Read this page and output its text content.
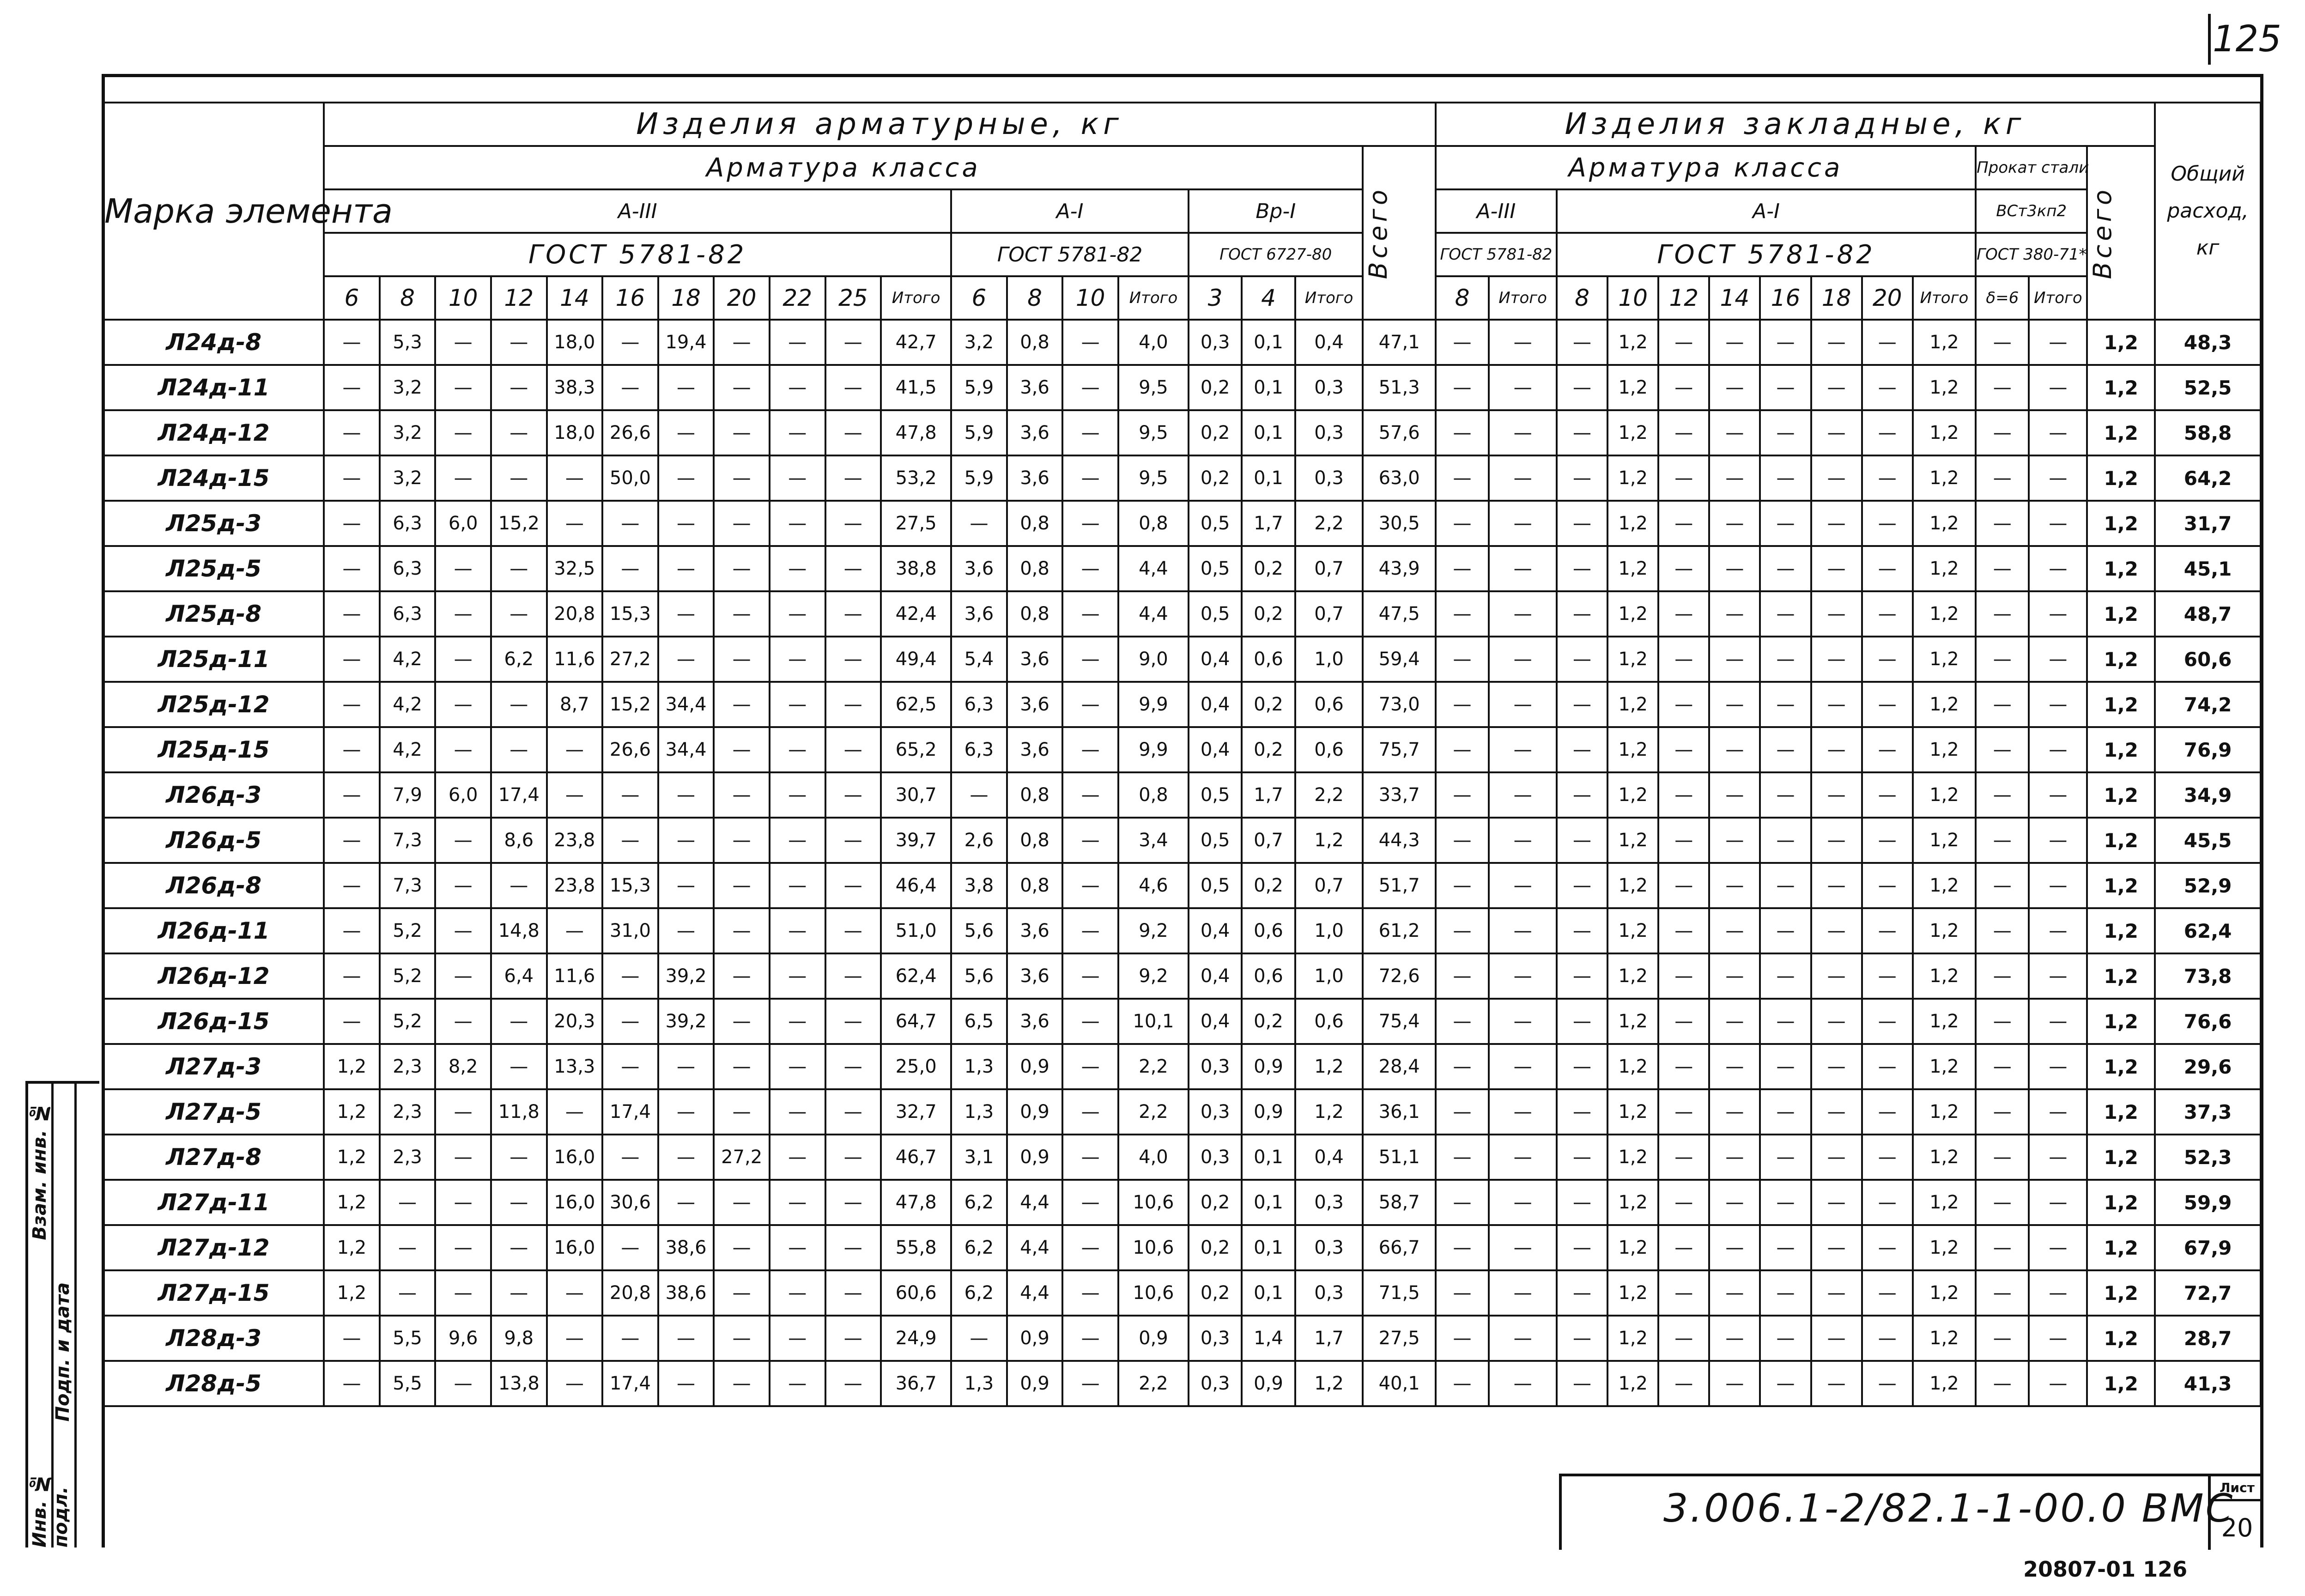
125
Марка элемента	Изделия арматурные, кг																			Изделия закладные, кг													Общий расход, кг

	Арматура класса																		Всего	Арматура класса										Прокат стали		Всего	

	А-III											А-I				Вр-I				А-III		А-I								ВСт3кп2			
	ГОСТ 5781-82											ГОСТ 5781-82				ГОСТ 6727-80				ГОСТ 5781-82		ГОСТ 5781-82								ГОСТ 380-71*			
	6	8	10	12	14	16	18	20	22	25	Итого	6	8	10	Итого	3	4	Итого		8	Итого	8	10	12	14	16	18	20	Итого	δ=6	Итого		
Л24д-8	—	5,3	—	—	18,0	—	19,4	—	—	—	42,7	3,2	0,8	—	4,0	0,3	0,1	0,4	47,1	—	—	—	1,2	—	—	—	—	—	1,2	—	—	1,2	48,3
Л24д-11	—	3,2	—	—	38,3	—	—	—	—	—	41,5	5,9	3,6	—	9,5	0,2	0,1	0,3	51,3	—	—	—	1,2	—	—	—	—	—	1,2	—	—	1,2	52,5
Л24д-12	—	3,2	—	—	18,0	26,6	—	—	—	—	47,8	5,9	3,6	—	9,5	0,2	0,1	0,3	57,6	—	—	—	1,2	—	—	—	—	—	1,2	—	—	1,2	58,8
Л24д-15	—	3,2	—	—	—	50,0	—	—	—	—	53,2	5,9	3,6	—	9,5	0,2	0,1	0,3	63,0	—	—	—	1,2	—	—	—	—	—	1,2	—	—	1,2	64,2
Л25д-3	—	6,3	6,0	15,2	—	—	—	—	—	—	27,5	—	0,8	—	0,8	0,5	1,7	2,2	30,5	—	—	—	1,2	—	—	—	—	—	1,2	—	—	1,2	31,7
Л25д-5	—	6,3	—	—	32,5	—	—	—	—	—	38,8	3,6	0,8	—	4,4	0,5	0,2	0,7	43,9	—	—	—	1,2	—	—	—	—	—	1,2	—	—	1,2	45,1
Л25д-8	—	6,3	—	—	20,8	15,3	—	—	—	—	42,4	3,6	0,8	—	4,4	0,5	0,2	0,7	47,5	—	—	—	1,2	—	—	—	—	—	1,2	—	—	1,2	48,7
Л25д-11	—	4,2	—	6,2	11,6	27,2	—	—	—	—	49,4	5,4	3,6	—	9,0	0,4	0,6	1,0	59,4	—	—	—	1,2	—	—	—	—	—	1,2	—	—	1,2	60,6
Л25д-12	—	4,2	—	—	8,7	15,2	34,4	—	—	—	62,5	6,3	3,6	—	9,9	0,4	0,2	0,6	73,0	—	—	—	1,2	—	—	—	—	—	1,2	—	—	1,2	74,2
Л25д-15	—	4,2	—	—	—	26,6	34,4	—	—	—	65,2	6,3	3,6	—	9,9	0,4	0,2	0,6	75,7	—	—	—	1,2	—	—	—	—	—	1,2	—	—	1,2	76,9
Л26д-3	—	7,9	6,0	17,4	—	—	—	—	—	—	30,7	—	0,8	—	0,8	0,5	1,7	2,2	33,7	—	—	—	1,2	—	—	—	—	—	1,2	—	—	1,2	34,9
Л26д-5	—	7,3	—	8,6	23,8	—	—	—	—	—	39,7	2,6	0,8	—	3,4	0,5	0,7	1,2	44,3	—	—	—	1,2	—	—	—	—	—	1,2	—	—	1,2	45,5
Л26д-8	—	7,3	—	—	23,8	15,3	—	—	—	—	46,4	3,8	0,8	—	4,6	0,5	0,2	0,7	51,7	—	—	—	1,2	—	—	—	—	—	1,2	—	—	1,2	52,9
Л26д-11	—	5,2	—	14,8	—	31,0	—	—	—	—	51,0	5,6	3,6	—	9,2	0,4	0,6	1,0	61,2	—	—	—	1,2	—	—	—	—	—	1,2	—	—	1,2	62,4
Л26д-12	—	5,2	—	6,4	11,6	—	39,2	—	—	—	62,4	5,6	3,6	—	9,2	0,4	0,6	1,0	72,6	—	—	—	1,2	—	—	—	—	—	1,2	—	—	1,2	73,8
Л26д-15	—	5,2	—	—	20,3	—	39,2	—	—	—	64,7	6,5	3,6	—	10,1	0,4	0,2	0,6	75,4	—	—	—	1,2	—	—	—	—	—	1,2	—	—	1,2	76,6
Л27д-3	1,2	2,3	8,2	—	13,3	—	—	—	—	—	25,0	1,3	0,9	—	2,2	0,3	0,9	1,2	28,4	—	—	—	1,2	—	—	—	—	—	1,2	—	—	1,2	29,6
Л27д-5	1,2	2,3	—	11,8	—	17,4	—	—	—	—	32,7	1,3	0,9	—	2,2	0,3	0,9	1,2	36,1	—	—	—	1,2	—	—	—	—	—	1,2	—	—	1,2	37,3
Л27д-8	1,2	2,3	—	—	16,0	—	—	27,2	—	—	46,7	3,1	0,9	—	4,0	0,3	0,1	0,4	51,1	—	—	—	1,2	—	—	—	—	—	1,2	—	—	1,2	52,3
Л27д-11	1,2	—	—	—	16,0	30,6	—	—	—	—	47,8	6,2	4,4	—	10,6	0,2	0,1	0,3	58,7	—	—	—	1,2	—	—	—	—	—	1,2	—	—	1,2	59,9
Л27д-12	1,2	—	—	—	16,0	—	38,6	—	—	—	55,8	6,2	4,4	—	10,6	0,2	0,1	0,3	66,7	—	—	—	1,2	—	—	—	—	—	1,2	—	—	1,2	67,9
Л27д-15	1,2	—	—	—	—	20,8	38,6	—	—	—	60,6	6,2	4,4	—	10,6	0,2	0,1	0,3	71,5	—	—	—	1,2	—	—	—	—	—	1,2	—	—	1,2	72,7
Л28д-3	—	5,5	9,6	9,8	—	—	—	—	—	—	24,9	—	0,9	—	0,9	0,3	1,4	1,7	27,5	—	—	—	1,2	—	—	—	—	—	1,2	—	—	1,2	28,7
Л28д-5	—	5,5	—	13,8	—	17,4	—	—	—	—	36,7	1,3	0,9	—	2,2	0,3	0,9	1,2	40,1	—	—	—	1,2	—	—	—	—	—	1,2	—	—	1,2	41,3
Инв. № подл.
Подп. и дата
Взам. инв. №
3.006.1-2/82.1-1-00.0 ВМС
Лист
20
20807-01 126
